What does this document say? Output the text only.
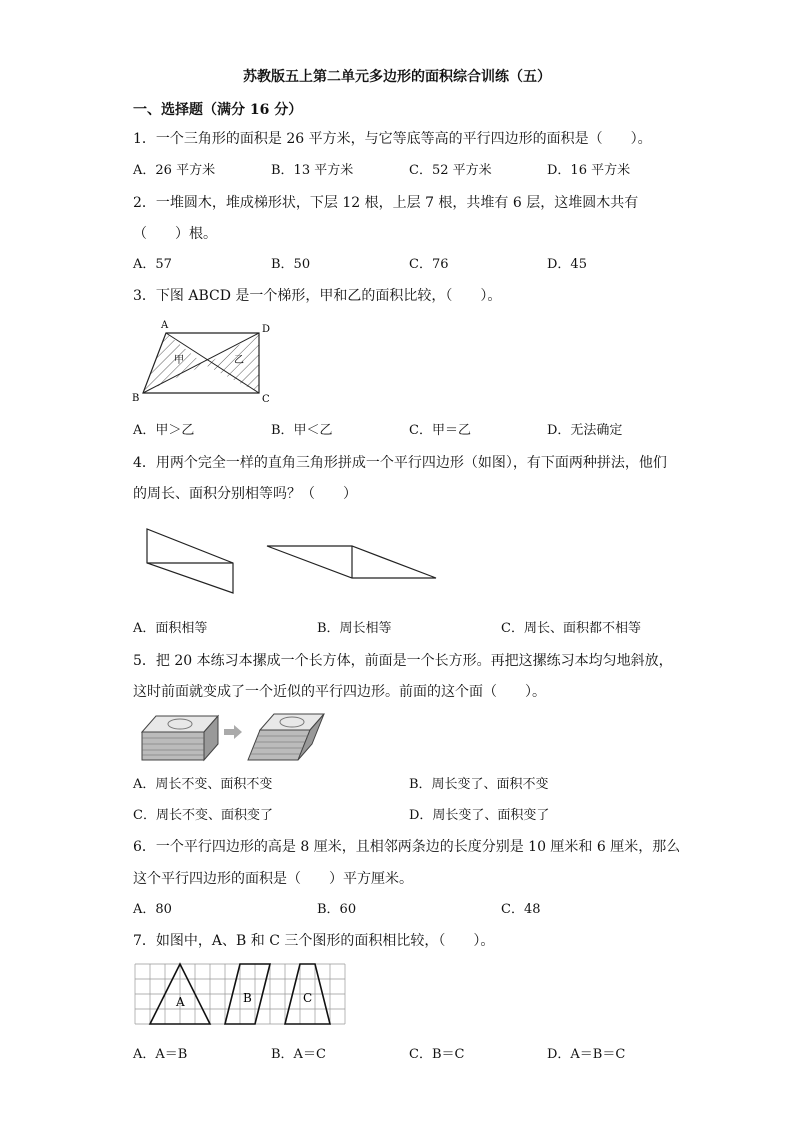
苏教版五上第二单元多边形的面积综合训练（五）
一、选择题（满分 16 分）
1．一个三角形的面积是 26 平方米，与它等底等高的平行四边形的面积是（　　）。
A．26 平方米	B．13 平方米	C．52 平方米	D．16 平方米
2．一堆圆木，堆成梯形状，下层 12 根，上层 7 根，共堆有 6 层，这堆圆木共有
（　　）根。
A．57	B．50	C．76	D．45
3．下图 ABCD 是一个梯形，甲和乙的面积比较，（　　）。
A	D
B	C
甲	乙
A．甲＞乙	B．甲＜乙	C．甲＝乙	D．无法确定
4．用两个完全一样的直角三角形拼成一个平行四边形（如图），有下面两种拼法，他们
的周长、面积分别相等吗？（　　）
A．面积相等	B．周长相等	C．周长、面积都不相等
5．把 20 本练习本摞成一个长方体，前面是一个长方形。再把这摞练习本均匀地斜放，
这时前面就变成了一个近似的平行四边形。前面的这个面（　　）。
A．周长不变、面积不变	B．周长变了、面积不变
C．周长不变、面积变了	D．周长变了、面积变了
6．一个平行四边形的高是 8 厘米，且相邻两条边的长度分别是 10 厘米和 6 厘米，那么
这个平行四边形的面积是（　　）平方厘米。
A．80	B．60	C．48
7．如图中，A、B 和 C 三个图形的面积相比较，（　　）。
A	B	C
A．A＝B	B．A＝C	C．B＝C	D．A＝B＝C
